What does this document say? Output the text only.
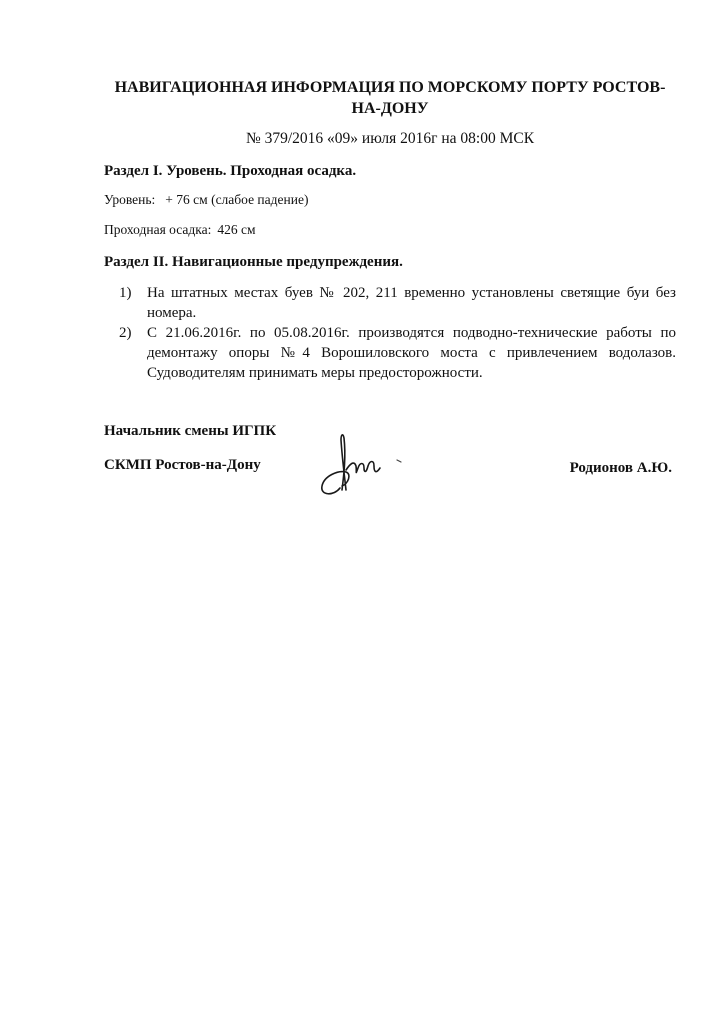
НАВИГАЦИОННАЯ ИНФОРМАЦИЯ ПО МОРСКОМУ ПОРТУ РОСТОВ-НА-ДОНУ
№ 379/2016 «09» июля 2016г на 08:00 МСК
Раздел I. Уровень. Проходная осадка.
Уровень: + 76 см (слабое падение)
Проходная осадка: 426 см
Раздел II. Навигационные предупреждения.
1)	На штатных местах буев № 202, 211 временно установлены светящие буи без номера.
2)	С 21.06.2016г. по 05.08.2016г. производятся подводно-технические работы по демонтажу опоры №4 Ворошиловского моста с привлечением водолазов. Судоводителям принимать меры предосторожности.
Начальник смены ИГПК
СКМП Ростов-на-Дону	Родионов А.Ю.
